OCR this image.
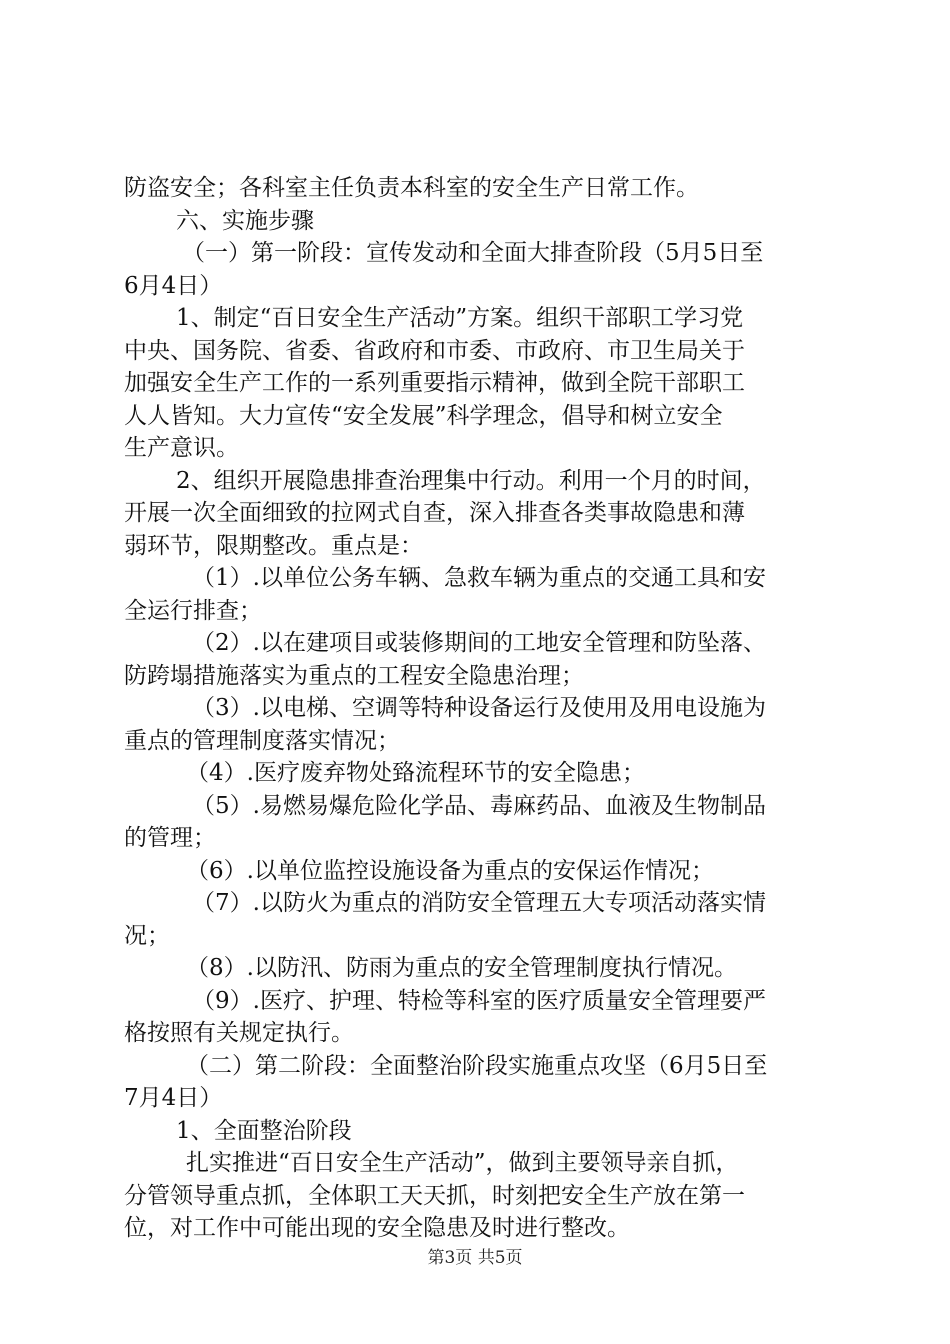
防盗安全；各科室主任负责本科室的安全生产日常工作。

六、实施步骤

（一）第一阶段：宣传发动和全面大排查阶段（5月5日至

6月4日）

1、制定“百日安全生产活动”方案。组织干部职工学习党

中央、国务院、省委、省政府和市委、市政府、市卫生局关于

加强安全生产工作的一系列重要指示精神，做到全院干部职工

人人皆知。大力宣传“安全发展”科学理念，倡导和树立安全

生产意识。

2、组织开展隐患排查治理集中行动。利用一个月的时间，

开展一次全面细致的拉网式自查，深入排查各类事故隐患和薄

弱环节，限期整改。重点是：

（1）.以单位公务车辆、急救车辆为重点的交通工具和安

全运行排查；

（2）.以在建项目或装修期间的工地安全管理和防坠落、

防跨塌措施落实为重点的工程安全隐患治理；

（3）.以电梯、空调等特种设备运行及使用及用电设施为

重点的管理制度落实情况；

（4）.医疗废弃物处臵流程环节的安全隐患；

（5）.易燃易爆危险化学品、毒麻药品、血液及生物制品

的管理；

（6）.以单位监控设施设备为重点的安保运作情况；

（7）.以防火为重点的消防安全管理五大专项活动落实情

况；

（8）.以防汛、防雨为重点的安全管理制度执行情况。

（9）.医疗、护理、特检等科室的医疗质量安全管理要严

格按照有关规定执行。

（二）第二阶段：全面整治阶段实施重点攻坚（6月5日至

7月4日）

1、全面整治阶段

扎实推进“百日安全生产活动”，做到主要领导亲自抓，

分管领导重点抓，全体职工天天抓，时刻把安全生产放在第一

位，对工作中可能出现的安全隐患及时进行整改。

第3页 共5页
